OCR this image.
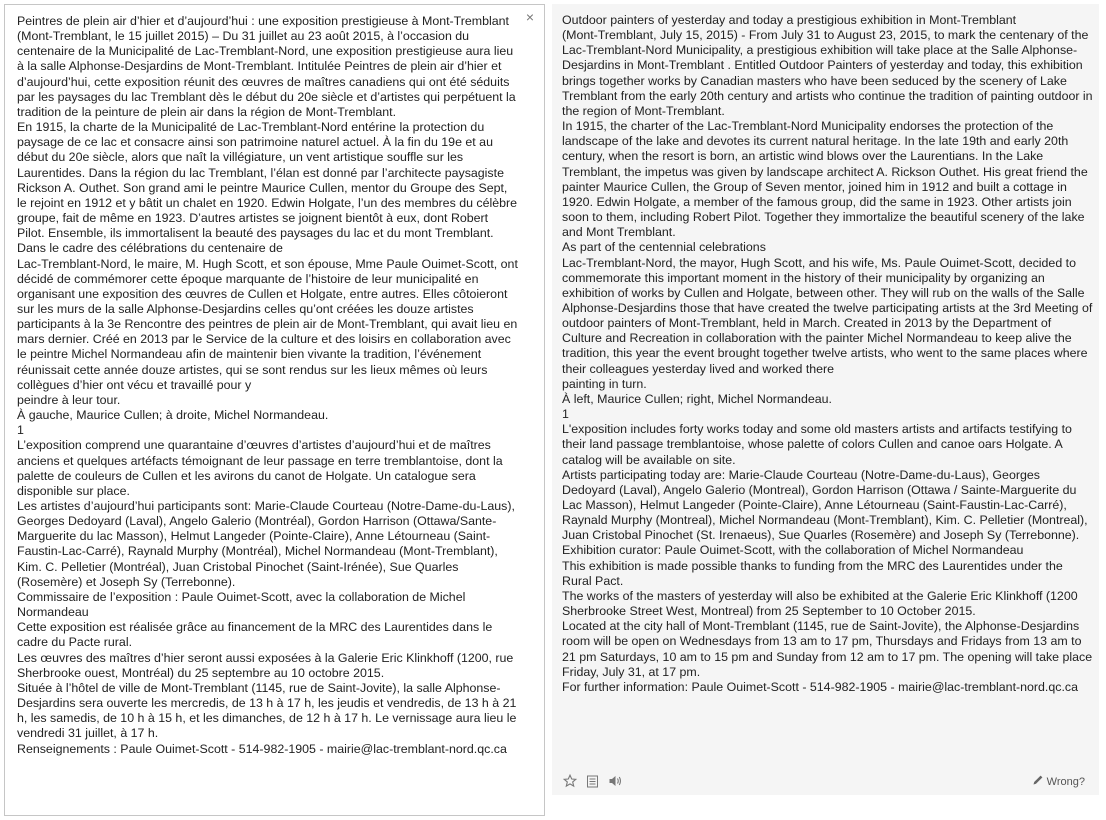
Peintres de plein air d’hier et d’aujourd’hui : une exposition prestigieuse à Mont-Tremblant
(Mont-Tremblant, le 15 juillet 2015) – Du 31 juillet au 23 août 2015, à l’occasion du centenaire de la Municipalité de Lac-Tremblant-Nord, une exposition prestigieuse aura lieu à la salle Alphonse-Desjardins de Mont-Tremblant. Intitulée Peintres de plein air d’hier et d’aujourd’hui, cette exposition réunit des œuvres de maîtres canadiens qui ont été séduits par les paysages du lac Tremblant dès le début du 20e siècle et d’artistes qui perpétuent la tradition de la peinture de plein air dans la région de Mont-Tremblant.
En 1915, la charte de la Municipalité de Lac-Tremblant-Nord entérine la protection du paysage de ce lac et consacre ainsi son patrimoine naturel actuel. À la fin du 19e et au début du 20e siècle, alors que naît la villégiature, un vent artistique souffle sur les Laurentides. Dans la région du lac Tremblant, l’élan est donné par l’architecte paysagiste Rickson A. Outhet. Son grand ami le peintre Maurice Cullen, mentor du Groupe des Sept, le rejoint en 1912 et y bâtit un chalet en 1920. Edwin Holgate, l’un des membres du célèbre groupe, fait de même en 1923. D’autres artistes se joignent bientôt à eux, dont Robert Pilot. Ensemble, ils immortalisent la beauté des paysages du lac et du mont Tremblant.
Dans le cadre des célébrations du centenaire de
Lac-Tremblant-Nord, le maire, M. Hugh Scott, et son épouse, Mme Paule Ouimet-Scott, ont décidé de commémorer cette époque marquante de l’histoire de leur municipalité en organisant une exposition des œuvres de Cullen et Holgate, entre autres. Elles côtoieront sur les murs de la salle Alphonse-Desjardins celles qu’ont créées les douze artistes participants à la 3e Rencontre des peintres de plein air de Mont-Tremblant, qui avait lieu en mars dernier. Créé en 2013 par le Service de la culture et des loisirs en collaboration avec le peintre Michel Normandeau afin de maintenir bien vivante la tradition, l’événement réunissait cette année douze artistes, qui se sont rendus sur les lieux mêmes où leurs collègues d’hier ont vécu et travaillé pour y
peindre à leur tour.
À gauche, Maurice Cullen; à droite, Michel Normandeau.
1
L’exposition comprend une quarantaine d’œuvres d’artistes d’aujourd’hui et de maîtres anciens et quelques artéfacts témoignant de leur passage en terre tremblantoise, dont la palette de couleurs de Cullen et les avirons du canot de Holgate. Un catalogue sera disponible sur place.
Les artistes d’aujourd’hui participants sont: Marie-Claude Courteau (Notre-Dame-du-Laus), Georges Dedoyard (Laval), Angelo Galerio (Montréal), Gordon Harrison (Ottawa/Sante-Marguerite du lac Masson), Helmut Langeder (Pointe-Claire), Anne Létourneau (Saint-Faustin-Lac-Carré), Raynald Murphy (Montréal), Michel Normandeau (Mont-Tremblant), Kim. C. Pelletier (Montréal), Juan Cristobal Pinochet (Saint-Irénée), Sue Quarles (Rosemère) et Joseph Sy (Terrebonne).
Commissaire de l’exposition : Paule Ouimet-Scott, avec la collaboration de Michel Normandeau
Cette exposition est réalisée grâce au financement de la MRC des Laurentides dans le cadre du Pacte rural.
Les œuvres des maîtres d’hier seront aussi exposées à la Galerie Eric Klinkhoff (1200, rue Sherbrooke ouest, Montréal) du 25 septembre au 10 octobre 2015.
Située à l’hôtel de ville de Mont-Tremblant (1145, rue de Saint-Jovite), la salle Alphonse-Desjardins sera ouverte les mercredis, de 13 h à 17 h, les jeudis et vendredis, de 13 h à 21 h, les samedis, de 10 h à 15 h, et les dimanches, de 12 h à 17 h. Le vernissage aura lieu le vendredi 31 juillet, à 17 h.
Renseignements : Paule Ouimet-Scott - 514-982-1905 - mairie@lac-tremblant-nord.qc.ca
× Outdoor painters of yesterday and today a prestigious exhibition in Mont-Tremblant
(Mont-Tremblant, July 15, 2015) - From July 31 to August 23, 2015, to mark the centenary of the Lac-Tremblant-Nord Municipality, a prestigious exhibition will take place at the Salle Alphonse-Desjardins in Mont-Tremblant . Entitled Outdoor Painters of yesterday and today, this exhibition brings together works by Canadian masters who have been seduced by the scenery of Lake Tremblant from the early 20th century and artists who continue the tradition of painting outdoor in the region of Mont-Tremblant.
In 1915, the charter of the Lac-Tremblant-Nord Municipality endorses the protection of the landscape of the lake and devotes its current natural heritage. In the late 19th and early 20th century, when the resort is born, an artistic wind blows over the Laurentians. In the Lake Tremblant, the impetus was given by landscape architect A. Rickson Outhet. His great friend the painter Maurice Cullen, the Group of Seven mentor, joined him in 1912 and built a cottage in 1920. Edwin Holgate, a member of the famous group, did the same in 1923. Other artists join soon to them, including Robert Pilot. Together they immortalize the beautiful scenery of the lake and Mont Tremblant.
As part of the centennial celebrations
Lac-Tremblant-Nord, the mayor, Hugh Scott, and his wife, Ms. Paule Ouimet-Scott, decided to commemorate this important moment in the history of their municipality by organizing an exhibition of works by Cullen and Holgate, between other. They will rub on the walls of the Salle Alphonse-Desjardins those that have created the twelve participating artists at the 3rd Meeting of outdoor painters of Mont-Tremblant, held in March. Created in 2013 by the Department of Culture and Recreation in collaboration with the painter Michel Normandeau to keep alive the tradition, this year the event brought together twelve artists, who went to the same places where their colleagues yesterday lived and worked there
painting in turn.
À left, Maurice Cullen; right, Michel Normandeau.
1
L'exposition includes forty works today and some old masters artists and artifacts testifying to their land passage tremblantoise, whose palette of colors Cullen and canoe oars Holgate. A catalog will be available on site.
Artists participating today are: Marie-Claude Courteau (Notre-Dame-du-Laus), Georges Dedoyard (Laval), Angelo Galerio (Montreal), Gordon Harrison (Ottawa / Sainte-Marguerite du Lac Masson), Helmut Langeder (Pointe-Claire), Anne Létourneau (Saint-Faustin-Lac-Carré), Raynald Murphy (Montreal), Michel Normandeau (Mont-Tremblant), Kim. C. Pelletier (Montreal), Juan Cristobal Pinochet (St. Irenaeus), Sue Quarles (Rosemère) and Joseph Sy (Terrebonne).
Exhibition curator: Paule Ouimet-Scott, with the collaboration of Michel Normandeau
This exhibition is made possible thanks to funding from the MRC des Laurentides under the Rural Pact.
The works of the masters of yesterday will also be exhibited at the Galerie Eric Klinkhoff (1200 Sherbrooke Street West, Montreal) from 25 September to 10 October 2015.
Located at the city hall of Mont-Tremblant (1145, rue de Saint-Jovite), the Alphonse-Desjardins room will be open on Wednesdays from 13 am to 17 pm, Thursdays and Fridays from 13 am to 21 pm Saturdays, 10 am to 15 pm and Sunday from 12 am to 17 pm. The opening will take place Friday, July 31, at 17 pm.
For further information: Paule Ouimet-Scott - 514-982-1905 - mairie@lac-tremblant-nord.qc.ca
Wrong?
